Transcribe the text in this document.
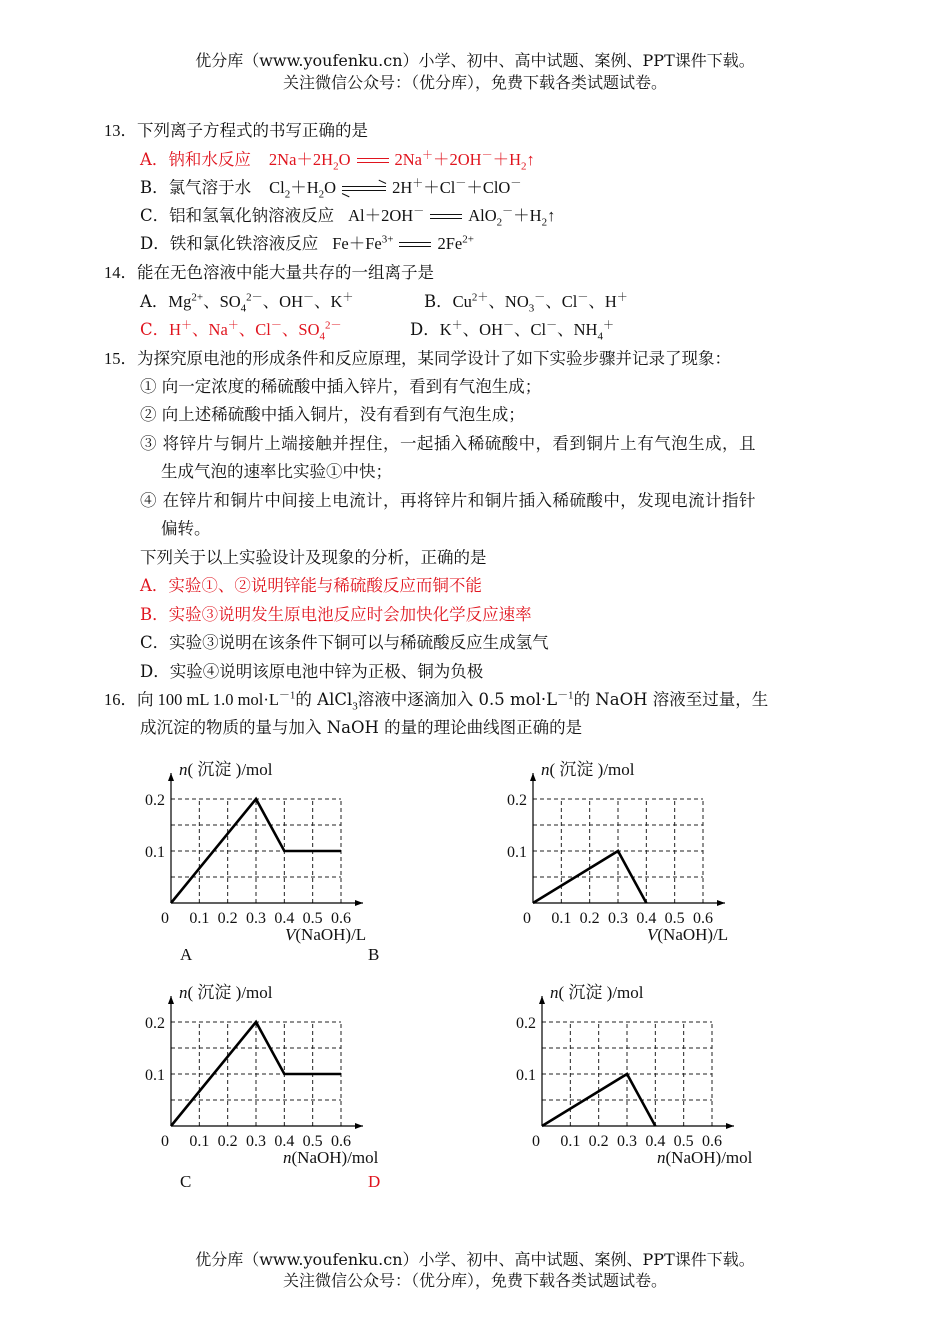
优分库（www.youfenku.cn）小学、初中、高中试题、案例、PPT课件下载。
关注微信公众号：（优分库），免费下载各类试题试卷。
13．下列离子方程式的书写正确的是
A．钠和水反应 $2Na+2H_2O$	$2Na^++2OH^-+H_2↑$
B．氯气溶于水 $Cl_2+H_2O$	2H＋＋Cl－＋ClO－
C．铝和氢氧化钠溶液反应 Al＋2OH－	$AlO_2^-+H_2↑$
D．铁和氯化铁溶液反应 $Fe+Fe^{3+}$	$2Fe^{2+}$
14．能在无色溶液中能大量共存的一组离子是
A．$Mg^{2+}$、$SO_4^{2-}$、OH－、K＋	B．$Cu^{2+}$、$NO_3^-$、Cl－、H＋
C．H＋、Na＋、Cl－、$SO_4^{2-}$	D．K＋、OH－、Cl－、$NH_4^+$
15．为探究原电池的形成条件和反应原理，某同学设计了如下实验步骤并记录了现象：
① 向一定浓度的稀硫酸中插入锌片，看到有气泡生成；
② 向上述稀硫酸中插入铜片，没有看到有气泡生成；
③ 将锌片与铜片上端接触并捏住，一起插入稀硫酸中，看到铜片上有气泡生成，且
生成气泡的速率比实验①中快；
④ 在锌片和铜片中间接上电流计，再将锌片和铜片插入稀硫酸中，发现电流计指针
偏转。
下列关于以上实验设计及现象的分析，正确的是
A．实验①、②说明锌能与稀硫酸反应而铜不能
B．实验③说明发生原电池反应时会加快化学反应速率
C．实验③说明在该条件下铜可以与稀硫酸反应生成氢气
D．实验④说明该原电池中锌为正极、铜为负极
16．向 100 mL 1.0 $mol\cdot L^{-1}$的 AlCl$_3$溶液中逐滴加入 0.5 $mol\cdot L^{-1}$的 NaOH 溶液至过量，生
成沉淀的物质的量与加入 NaOH 的量的理论曲线图正确的是
n( 沉淀 )/mol
0.2
0.1
0 0.1 0.2 0.3 0.4 0.5 0.6
V(NaOH)/L
A
n( 沉淀 )/mol
0.2
0.1
0 0.1 0.2 0.3 0.4 0.5 0.6
V(NaOH)/L
B
n( 沉淀 )/mol
0.2
0.1
0 0.1 0.2 0.3 0.4 0.5 0.6
n(NaOH)/mol
C
n( 沉淀 )/mol
0.2
0.1
0 0.1 0.2 0.3 0.4 0.5 0.6
n(NaOH)/mol
D
优分库（www.youfenku.cn）小学、初中、高中试题、案例、PPT课件下载。
关注微信公众号：（优分库），免费下载各类试题试卷。
